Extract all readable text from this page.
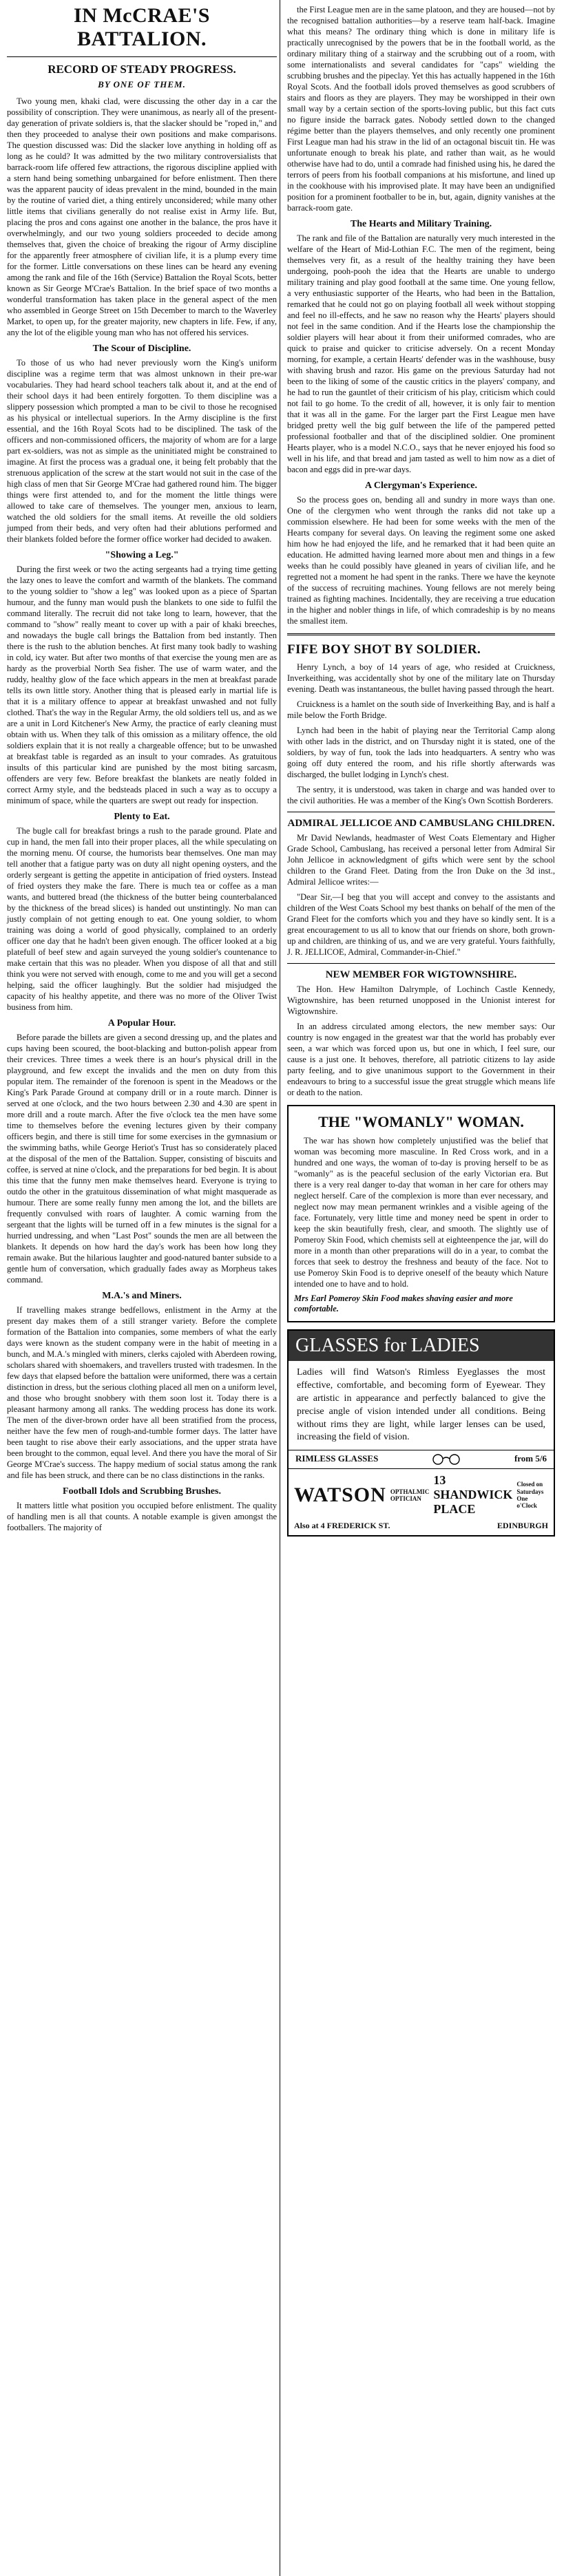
IN McCRAE'S BATTALION.
RECORD OF STEADY PROGRESS.
BY ONE OF THEM.

Two young men, khaki clad, were discussing the other day in a car the possibility of conscription. They were unanimous, as nearly all of the present-day generation of private soldiers is, that the slacker should be "roped in," and then they proceeded to analyse their own positions and make comparisons. The question discussed was: Did the slacker love anything in holding off as long as he could? It was admitted by the two military controversialists that barrack-room life offered few attractions, the rigorous discipline applied with a stern hand being something unbargained for before enlistment. Then there was the apparent paucity of ideas prevalent in the mind, bounded in the main by the routine of varied diet, a thing entirely unconsidered; while many other little items that civilians generally do not realise exist in Army life. But, placing the pros and cons against one another in the balance, the pros have it overwhelmingly, and our two young soldiers proceeded to decide among themselves that, given the choice of breaking the rigour of Army discipline for the apparently freer atmosphere of civilian life, it is a plump every time for the former. Little conversations on these lines can be heard any evening among the rank and file of the 16th (Service) Battalion the Royal Scots, better known as Sir George M'Crae's Battalion. In the brief space of two months a wonderful transformation has taken place in the general aspect of the men who assembled in George Street on 15th December to march to the Waverley Market, to open up, for the greater majority, new chapters in life. Few, if any, any the lot of the eligible young man who has not offered his services.

The Scour of Discipline.

To those of us who had never previously worn the King's uniform discipline was a regime term that was almost unknown in their pre-war vocabularies. They had heard school teachers talk about it, and at the end of their school days it had been entirely forgotten. To them discipline was a slippery possession which prompted a man to be civil to those he recognised as his physical or intellectual superiors. In the Army discipline is the first essential, and the 16th Royal Scots had to be disciplined. The task of the officers and non-commissioned officers, the majority of whom are for a large part ex-soldiers, was not as simple as the uninitiated might be constrained to imagine. At first the process was a gradual one, it being felt probably that the strenuous application of the screw at the start would not suit in the case of the high class of men that Sir George M'Crae had gathered round him. The bigger things were first attended to, and for the moment the little things were allowed to take care of themselves. The younger men, anxious to learn, watched the old soldiers for the small items. At reveille the old soldiers jumped from their beds, and very often had their ablutions performed and their blankets folded before the former office worker had decided to awaken.

"Showing a Leg."

During the first week or two the acting sergeants had a trying time getting the lazy ones to leave the comfort and warmth of the blankets. The command to the young soldier to "show a leg" was looked upon as a piece of Spartan humour, and the funny man would push the blankets to one side to fulfil the command literally. The recruit did not take long to learn, however, that the command to "show" really meant to cover up with a pair of khaki breeches, and nowadays the bugle call brings the Battalion from bed instantly. Then there is the rush to the ablution benches. At first many took badly to washing in cold, icy water. But after two months of that exercise the young men are as hardy as the proverbial North Sea fisher. The use of warm water, and the ruddy, healthy glow of the face which appears in the men at breakfast parade tells its own little story. Another thing that is pleased early in martial life is that it is a military offence to appear at breakfast unwashed and not fully clothed. That's the way in the Regular Army, the old soldiers tell us, and as we are a unit in Lord Kitchener's New Army, the practice of early cleaning must obtain with us. When they talk of this omission as a military offence, the old soldiers explain that it is not really a chargeable offence; but to be unwashed at breakfast table is regarded as an insult to your comrades. As gratuitous insults of this particular kind are punished by the most biting sarcasm, offenders are very few. Before breakfast the blankets are neatly folded in correct Army style, and the bedsteads placed in such a way as to occupy a minimum of space, while the quarters are swept out ready for inspection.

Plenty to Eat.

The bugle call for breakfast brings a rush to the parade ground. Plate and cup in hand, the men fall into their proper places, all the while speculating on the morning menu. Of course, the humorists bear themselves. One man may tell another that a fatigue party was on duty all night opening oysters, and the orderly sergeant is getting the appetite in anticipation of fried oysters. Instead of fried oysters they make the fare. There is much tea or coffee as a man wants, and buttered bread (the thickness of the butter being counterbalanced by the thickness of the bread slices) is handed out unstintingly. No man can justly complain of not getting enough to eat. One young soldier, to whom training was doing a world of good physically, complained to an orderly officer one day that he hadn't been given enough. The officer looked at a big platefull of beef stew and again surveyed the young soldier's countenance to make certain that this was no pleader. When you dispose of all that and still think you were not served with enough, come to me and you will get a second helping, said the officer laughingly. But the soldier had misjudged the capacity of his healthy appetite, and there was no more of the Oliver Twist business from him.

A Popular Hour.

Before parade the billets are given a second dressing up, and the plates and cups having been scoured, the boot-blacking and button-polish appear from their crevices. Three times a week there is an hour's physical drill in the playground, and few except the invalids and the men on duty from this popular item. The remainder of the forenoon is spent in the Meadows or the King's Park Parade Ground at company drill or in a route march. Dinner is served at one o'clock, and the two hours between 2.30 and 4.30 are spent in more drill and a route march. After the five o'clock tea the men have some time to themselves before the evening lectures given by their company officers begin, and there is still time for some exercises in the gymnasium or the swimming baths, while George Heriot's Trust has so considerately placed at the disposal of the men of the Battalion. Supper, consisting of biscuits and coffee, is served at nine o'clock, and the preparations for bed begin. It is about this time that the funny men make themselves heard. Everyone is trying to outdo the other in the gratuitous dissemination of what might masquerade as humour. There are some really funny men among the lot, and the billets are frequently convulsed with roars of laughter. A comic warning from the sergeant that the lights will be turned off in a few minutes is the signal for a hurried undressing, and when "Last Post" sounds the men are all between the blankets. It depends on how hard the day's work has been how long they remain awake. But the hilarious laughter and good-natured banter subside to a gentle hum of conversation, which gradually fades away as Morpheus takes command.

M.A.'s and Miners.

If travelling makes strange bedfellows, enlistment in the Army at the present day makes them of a still stranger variety. Before the complete formation of the Battalion into companies, some members of what the early days were known as the student company were in the habit of meeting in a bunch, and M.A.'s mingled with miners, clerks cajoled with Aberdeen rowing, scholars shared with shoemakers, and travellers trusted with tradesmen. In the few days that elapsed before the battalion were uniformed, there was a certain distinction in dress, but the serious clothing placed all men on a uniform level, and those who brought snobbery with them soon lost it. Today there is a pleasant harmony among all ranks. The wedding process has done its work. The men of the diver-brown order have all been stratified from the process, neither have the few men of rough-and-tumble former days. The latter have been taught to rise above their early associations, and the upper strata have been brought to the common, equal level. And there you have the moral of Sir George M'Crae's success. The happy medium of social status among the rank and file has been struck, and there can be no class distinctions in the ranks.

Football Idols and Scrubbing Brushes.

It matters little what position you occupied before enlistment. The quality of handling men is all that counts. A notable example is given amongst the footballers. The majority of

the First League men are in the same platoon, and they are housed—not by the recognised battalion authorities—by a reserve team half-back. Imagine what this means? The ordinary thing which is done in military life is practically unrecognised by the powers that be in the football world, as the ordinary military thing of a stairway and the scrubbing out of a room, with some internationalists and several candidates for "caps" wielding the scrubbing brushes and the pipeclay. Yet this has actually happened in the 16th Royal Scots. And the football idols proved themselves as good scrubbers of stairs and floors as they are players. They may be worshipped in their own small way by a certain section of the sports-loving public, but this fact cuts no figure inside the barrack gates. Nobody settled down to the changed régime better than the players themselves, and only recently one prominent First League man had his straw in the lid of an octagonal biscuit tin. He was unfortunate enough to break his plate, and rather than wait, as he would otherwise have had to do, until a comrade had finished using his, he dared the terrors of peers from his football companions at his misfortune, and lined up in the cookhouse with his improvised plate. It may have been an undignified position for a prominent footballer to be in, but, again, dignity vanishes at the barrack-room gate.

The Hearts and Military Training.

The rank and file of the Battalion are naturally very much interested in the welfare of the Heart of Mid-Lothian F.C. The men of the regiment, being themselves very fit, as a result of the healthy training they have been undergoing, pooh-pooh the idea that the Hearts are unable to undergo military training and play good football at the same time. One young fellow, a very enthusiastic supporter of the Hearts, who had been in the Battalion, remarked that he could not go on playing football all week without stopping and feel no ill-effects, and he saw no reason why the Hearts' players should not feel in the same condition. And if the Hearts lose the championship the soldier players will hear about it from their uniformed comrades, who are quick to praise and quicker to criticise adversely. On a recent Monday morning, for example, a certain Hearts' defender was in the washhouse, busy with shaving brush and razor. His game on the previous Saturday had not been to the liking of some of the caustic critics in the players' company, and he had to run the gauntlet of their criticism of his play, criticism which could not fail to go home. To the credit of all, however, it is only fair to mention that it was all in the game. For the larger part the First League men have bridged pretty well the big gulf between the life of the pampered petted professional footballer and that of the disciplined soldier. One prominent Hearts player, who is a model N.C.O., says that he never enjoyed his food so well in his life, and that bread and jam tasted as well to him now as a diet of bacon and eggs did in pre-war days.

A Clergyman's Experience.

So the process goes on, bending all and sundry in more ways than one. One of the clergymen who went through the ranks did not take up a commission elsewhere. He had been for some weeks with the men of the Hearts company for several days. On leaving the regiment some one asked him how he had enjoyed the life, and he remarked that it had been quite an education. He admitted having learned more about men and things in a few weeks than he could possibly have gleaned in years of civilian life, and he regretted not a moment he had spent in the ranks. There we have the keynote of the success of recruiting machines. Young fellows are not merely being trained as fighting machines. Incidentally, they are receiving a true education in the higher and nobler things in life, of which comradeship is by no means the smallest item.

FIFE BOY SHOT BY SOLDIER.

Henry Lynch, a boy of 14 years of age, who resided at Cruickness, Inverkeithing, was accidentally shot by one of the military late on Thursday evening. Death was instantaneous, the bullet having passed through the heart.

Cruickness is a hamlet on the south side of Inverkeithing Bay, and is half a mile below the Forth Bridge.

Lynch had been in the habit of playing near the Territorial Camp along with other lads in the district, and on Thursday night it is stated, one of the soldiers, by way of fun, took the lads into headquarters. A sentry who was going off duty entered the room, and his rifle shortly afterwards was discharged, the bullet lodging in Lynch's chest.

The sentry, it is understood, was taken in charge and was handed over to the civil authorities. He was a member of the King's Own Scottish Borderers.

ADMIRAL JELLICOE AND CAMBUSLANG CHILDREN.

Mr David Newlands, headmaster of West Coats Elementary and Higher Grade School, Cambuslang, has received a personal letter from Admiral Sir John Jellicoe in acknowledgment of gifts which were sent by the school children to the Grand Fleet. Dating from the Iron Duke on the 3d inst., Admiral Jellicoe writes:—

"Dear Sir,—I beg that you will accept and convey to the assistants and children of the West Coats School my best thanks on behalf of the men of the Grand Fleet for the comforts which you and they have so kindly sent. It is a great encouragement to us all to know that our friends on shore, both grown-up and children, are thinking of us, and we are very grateful. Yours faithfully, J. R. JELLICOE, Admiral, Commander-in-Chief."

NEW MEMBER FOR WIGTOWNSHIRE.

The Hon. Hew Hamilton Dalrymple, of Lochinch Castle Kennedy, Wigtownshire, has been returned unopposed in the Unionist interest for Wigtownshire.

In an address circulated among electors, the new member says: Our country is now engaged in the greatest war that the world has probably ever seen, a war which was forced upon us, but one in which, I feel sure, our cause is a just one. It behoves, therefore, all patriotic citizens to lay aside party feeling, and to give unanimous support to the Government in their endeavours to bring to a successful issue the great struggle which means life or death to the nation.

THE "WOMANLY" WOMAN.

The war has shown how completely unjustified was the belief that woman was becoming more masculine. In Red Cross work, and in a hundred and one ways, the woman of to-day is proving herself to be as "womanly" as is the peaceful seclusion of the early Victorian era. But there is a very real danger to-day that woman in her care for others may neglect herself. Care of the complexion is more than ever necessary, and neglect now may mean permanent wrinkles and a visible ageing of the face. Fortunately, very little time and money need be spent in order to keep the skin beautifully fresh, clear, and smooth. The slightly use of Pomeroy Skin Food, which chemists sell at eighteenpence the jar, will do more in a month than other preparations will do in a year, to combat the forces that seek to destroy the freshness and beauty of the face. Not to use Pomeroy Skin Food is to deprive oneself of the beauty which Nature intended one to have and to hold.

Mrs Earl Pomeroy Skin Food makes shaving easier and more comfortable.
GLASSES for LADIES
Ladies will find Watson's Rimless Eyeglasses the most effective, comfortable, and becoming form of Eyewear. They are artistic in appearance and perfectly balanced to give the precise angle of vision intended under all conditions. Being without rims they are light, while larger lenses can be used, increasing the field of vision.
RIMLESS GLASSES	from 5/6
WATSON OPTHALMIC OPTICIAN
13 SHANDWICK PLACE
Closed on Saturdays One o'Clock
Also at 4 FREDERICK ST.	EDINBURGH
